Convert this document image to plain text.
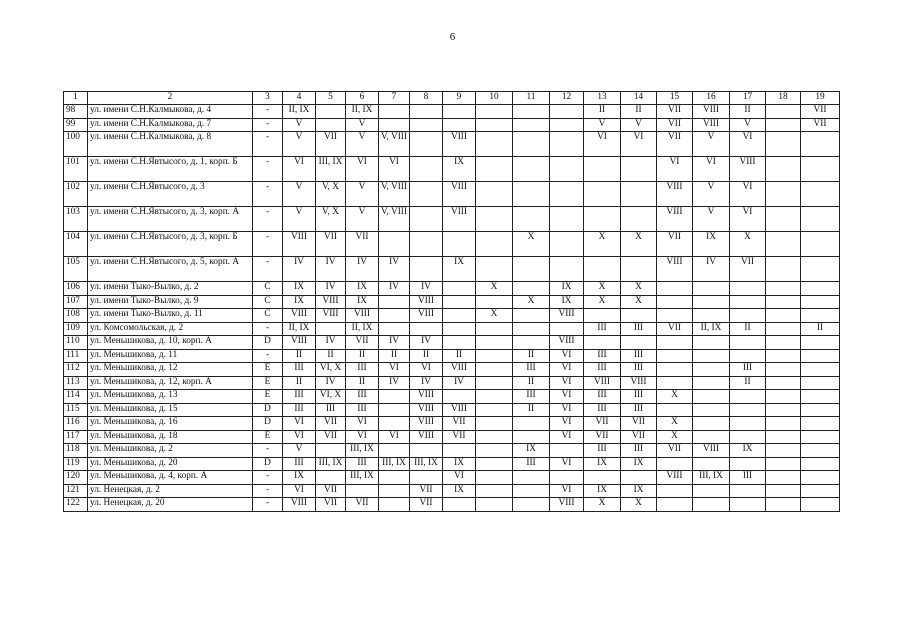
6
1	2	3	4	5	6	7	8	9	10	11	12	13	14	15	16	17	18	19
98	ул. имени С.Н.Калмыкова, д. 4	-	II, IX		II, IX							II	II	VII	VIII	II		VII
99	ул. имени С.Н.Калмыкова, д. 7	-	V		V							V	V	VII	VIII	V		VII
100	ул. имени С.Н.Калмыкова, д. 8	-	V	VII	V	V, VIII		VIII				VI	VI	VII	V	VI		
101	ул. имени С.Н.Явтысого, д. 1, корп. Б	-	VI	III, IX	VI	VI		IX						VI	VI	VIII		
102	ул. имени С.Н.Явтысого, д. 3	-	V	V, X	V	V, VIII		VIII						VIII	V	VI		
103	ул. имени С.Н.Явтысого, д. 3, корп. А	-	V	V, X	V	V, VIII		VIII						VIII	V	VI		
104	ул. имени С.Н.Явтысого, д. 3, корп. Б	-	VIII	VII	VII					X		X	X	VII	IX	X		
105	ул. имени С.Н.Явтысого, д. 5, корп. А	-	IV	IV	IV	IV		IX						VIII	IV	VII		
106	ул. имени Тыко-Вылко, д. 2	C	IX	IV	IX	IV	IV		X		IX	X	X					
107	ул. имени Тыко-Вылко, д. 9	C	IX	VIII	IX		VIII			X	IX	X	X					
108	ул. имени Тыко-Вылко, д. 11	C	VIII	VIII	VIII		VIII		X		VIII							
109	ул. Комсомольская, д. 2	-	II, IX		II, IX							III	III	VII	II, IX	II		II
110	ул. Меньшикова, д. 10, корп. А	D	VIII	IV	VII	IV	IV				VIII							
111	ул. Меньшикова, д. 11	-	II	II	II	II	II	II		II	VI	III	III					
112	ул. Меньшикова, д. 12	E	III	VI, X	III	VI	VI	VIII		III	VI	III	III			III		
113	ул. Меньшикова, д. 12, корп. А	E	II	IV	II	IV	IV	IV		II	VI	VIII	VIII			II		
114	ул. Меньшикова, д. 13	E	III	VI, X	III		VIII			III	VI	III	III	X				
115	ул. Меньшикова, д. 15	D	III	III	III		VIII	VIII		II	VI	III	III					
116	ул. Меньшикова, д. 16	D	VI	VII	VI		VIII	VII			VI	VII	VII	X				
117	ул. Меньшикова, д. 18	E	VI	VII	VI	VI	VIII	VII			VI	VII	VII	X				
118	ул. Меньшикова, д. 2	-	V		III, IX					IX		III	III	VII	VIII	IX		
119	ул. Меньшикова, д. 20	D	III	III, IX	III	III, IX	III, IX	IX		III	VI	IX	IX					
120	ул. Меньшикова, д. 4, корп. А	-	IX		III, IX			VI						VIII	III, IX	III		
121	ул. Ненецкая, д. 2	-	VI	VII			VII	IX			VI	IX	IX					
122	ул. Ненецкая, д. 20	-	VIII	VII	VII		VII				VIII	X	X					
